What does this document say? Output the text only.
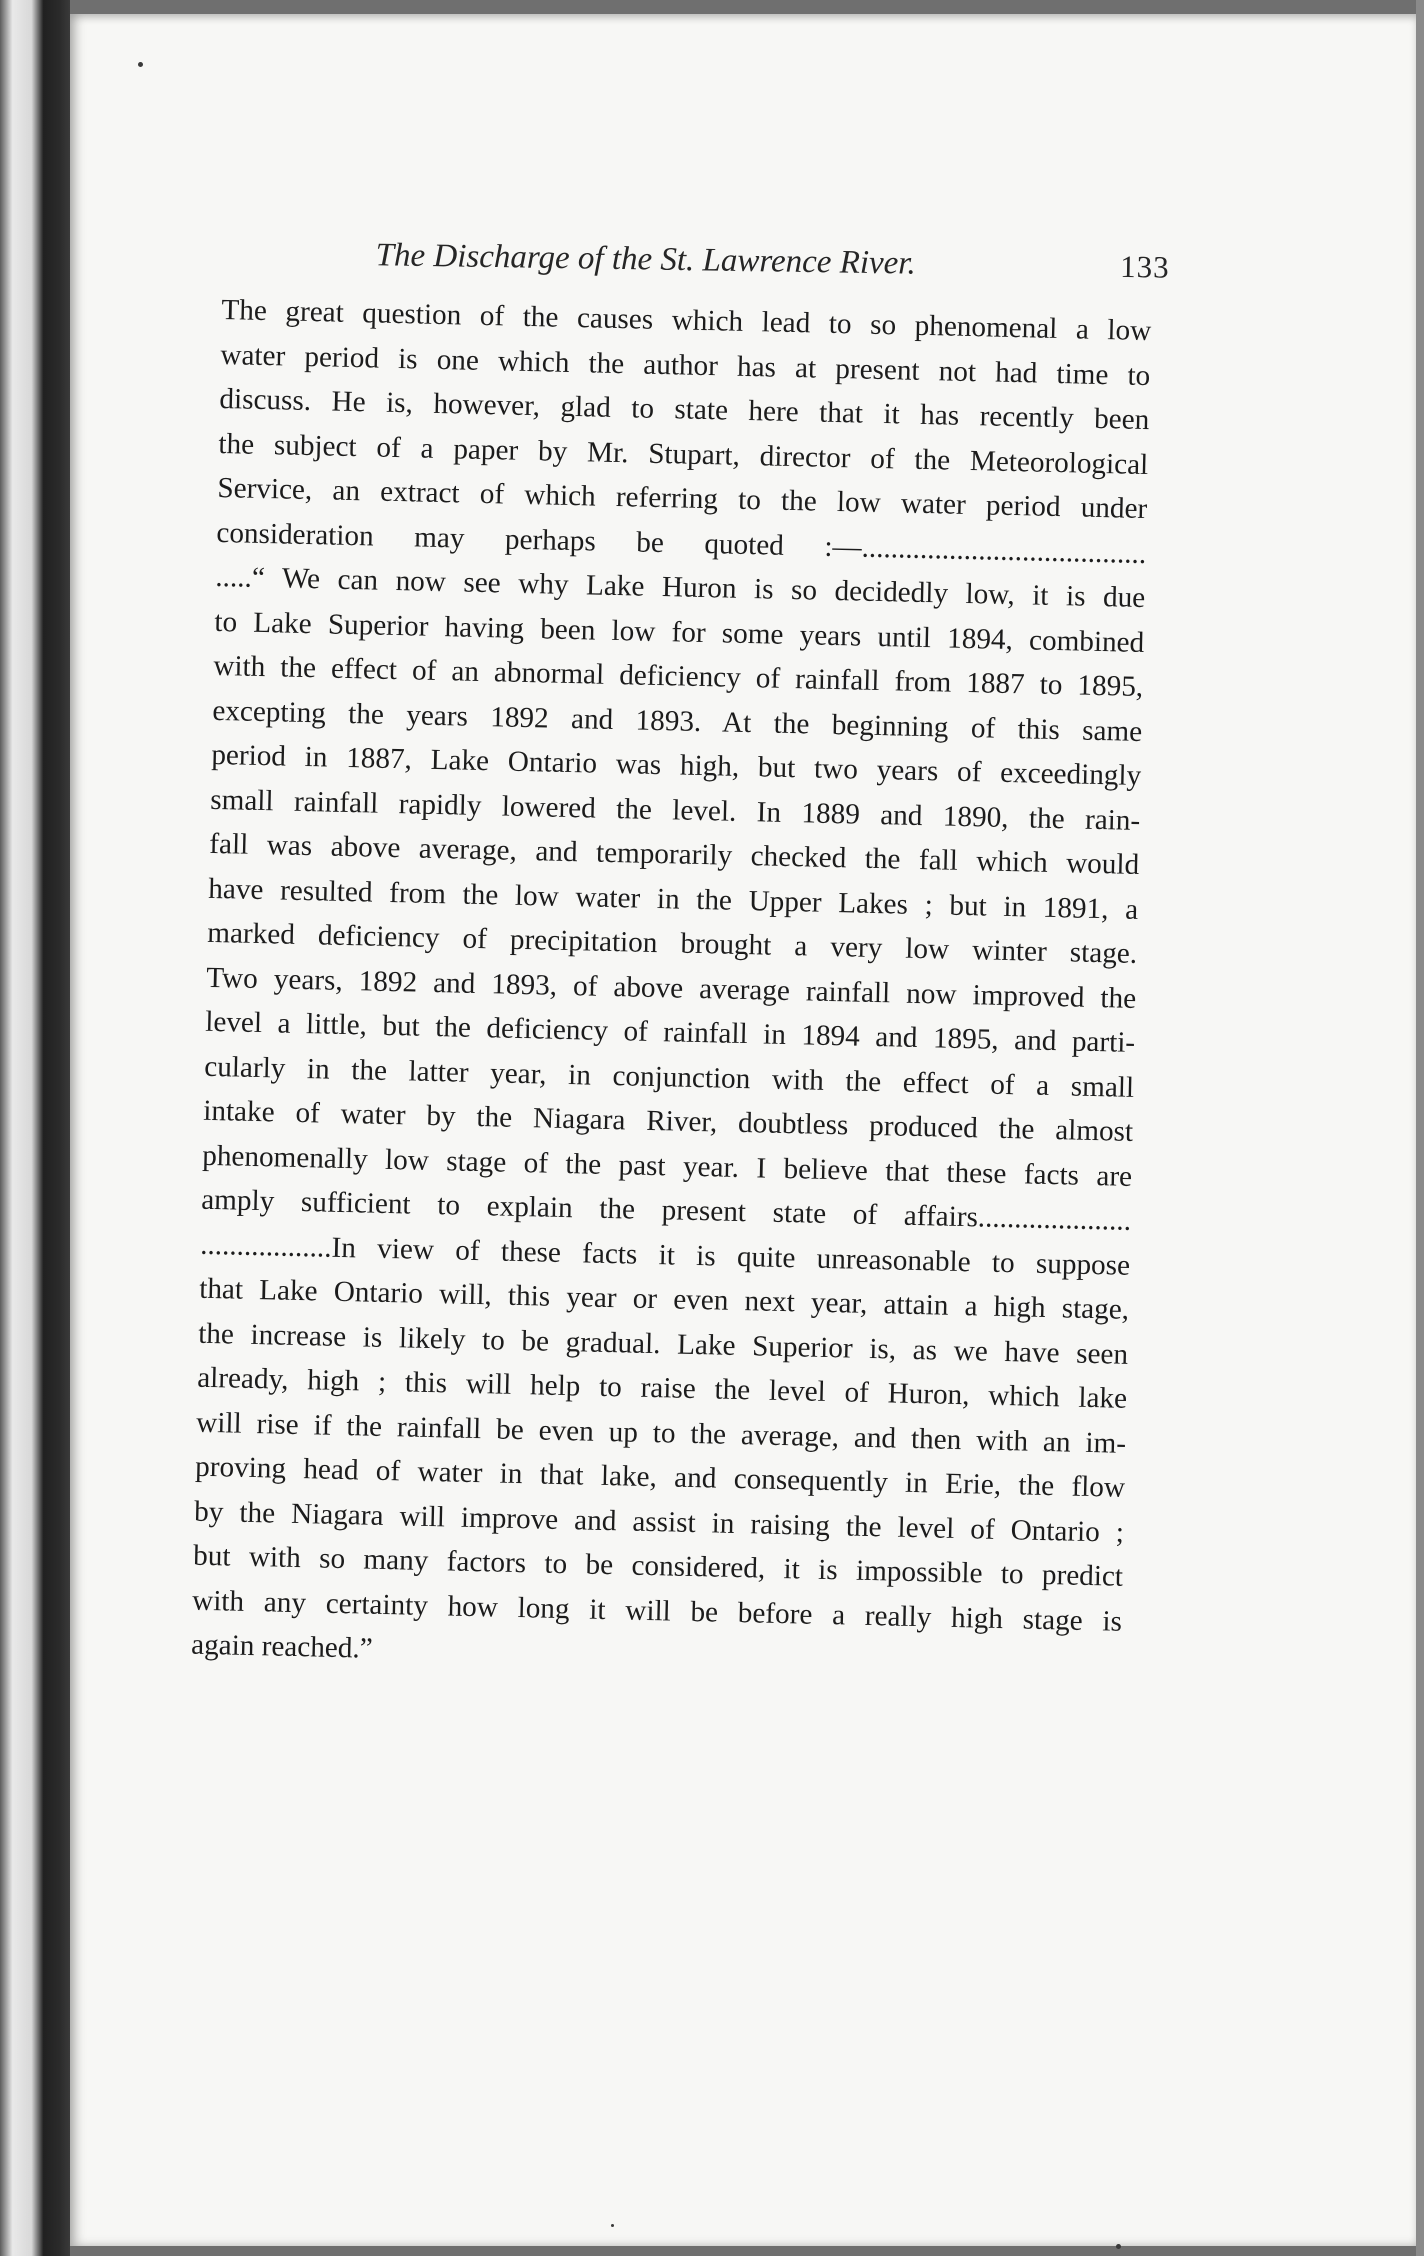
The Discharge of the St. Lawrence River.	133
The great question of the causes which lead to so phenomenal a low
water period is one which the author has at present not had time to
discuss. He is, however, glad to state here that it has recently been
the subject of a paper by Mr. Stupart, director of the Meteorological
Service, an extract of which referring to the low water period under
consideration may perhaps be quoted :—.......................................
.....“ We can now see why Lake Huron is so decidedly low, it is due
to Lake Superior having been low for some years until 1894, combined
with the effect of an abnormal deficiency of rainfall from 1887 to 1895,
excepting the years 1892 and 1893. At the beginning of this same
period in 1887, Lake Ontario was high, but two years of exceedingly
small rainfall rapidly lowered the level. In 1889 and 1890, the rain-
fall was above average, and temporarily checked the fall which would
have resulted from the low water in the Upper Lakes ; but in 1891, a
marked deficiency of precipitation brought a very low winter stage.
Two years, 1892 and 1893, of above average rainfall now improved the
level a little, but the deficiency of rainfall in 1894 and 1895, and parti-
cularly in the latter year, in conjunction with the effect of a small
intake of water by the Niagara River, doubtless produced the almost
phenomenally low stage of the past year. I believe that these facts are
amply sufficient to explain the present state of affairs.....................
..................In view of these facts it is quite unreasonable to suppose
that Lake Ontario will, this year or even next year, attain a high stage,
the increase is likely to be gradual. Lake Superior is, as we have seen
already, high ; this will help to raise the level of Huron, which lake
will rise if the rainfall be even up to the average, and then with an im-
proving head of water in that lake, and consequently in Erie, the flow
by the Niagara will improve and assist in raising the level of Ontario ;
but with so many factors to be considered, it is impossible to predict
with any certainty how long it will be before a really high stage is
again reached.”
